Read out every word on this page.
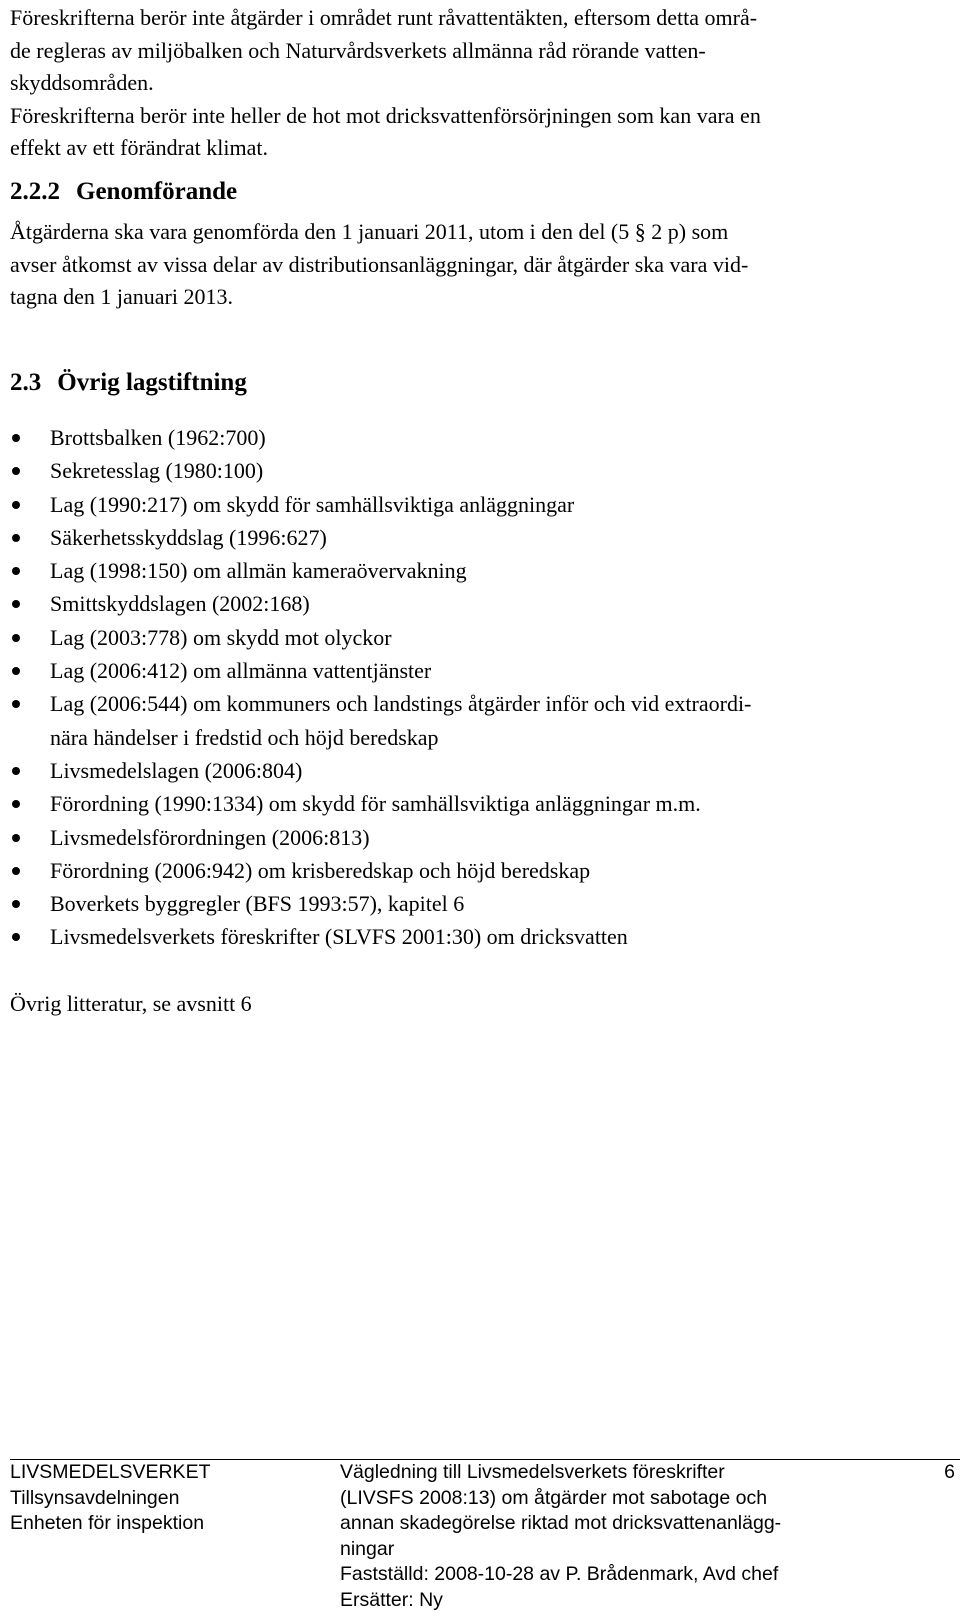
Föreskrifterna berör inte åtgärder i området runt råvattentäkten, eftersom detta områ-
de regleras av miljöbalken och Naturvårdsverkets allmänna råd rörande vatten-
skyddsområden.
Föreskrifterna berör inte heller de hot mot dricksvattenförsörjningen som kan vara en
effekt av ett förändrat klimat.
2.2.2 Genomförande
Åtgärderna ska vara genomförda den 1 januari 2011, utom i den del (5 § 2 p) som
avser åtkomst av vissa delar av distributionsanläggningar, där åtgärder ska vara vid-
tagna den 1 januari 2013.
2.3 Övrig lagstiftning
Brottsbalken (1962:700)
Sekretesslag (1980:100)
Lag (1990:217) om skydd för samhällsviktiga anläggningar
Säkerhetsskyddslag (1996:627)
Lag (1998:150) om allmän kameraövervakning
Smittskyddslagen (2002:168)
Lag (2003:778) om skydd mot olyckor
Lag (2006:412) om allmänna vattentjänster
Lag (2006:544) om kommuners och landstings åtgärder inför och vid extraordi-
nära händelser i fredstid och höjd beredskap
Livsmedelslagen (2006:804)
Förordning (1990:1334) om skydd för samhällsviktiga anläggningar m.m.
Livsmedelsförordningen (2006:813)
Förordning (2006:942) om krisberedskap och höjd beredskap
Boverkets byggregler (BFS 1993:57), kapitel 6
Livsmedelsverkets föreskrifter (SLVFS 2001:30) om dricksvatten
Övrig litteratur, se avsnitt 6
LIVSMEDELSVERKET
Tillsynsavdelningen
Enheten för inspektion
Vägledning till Livsmedelsverkets föreskrifter
(LIVSFS 2008:13) om åtgärder mot sabotage och
annan skadegörelse riktad mot dricksvattenanlägg-
ningar
Fastställd: 2008-10-28 av P. Brådenmark, Avd chef
Ersätter: Ny
6
